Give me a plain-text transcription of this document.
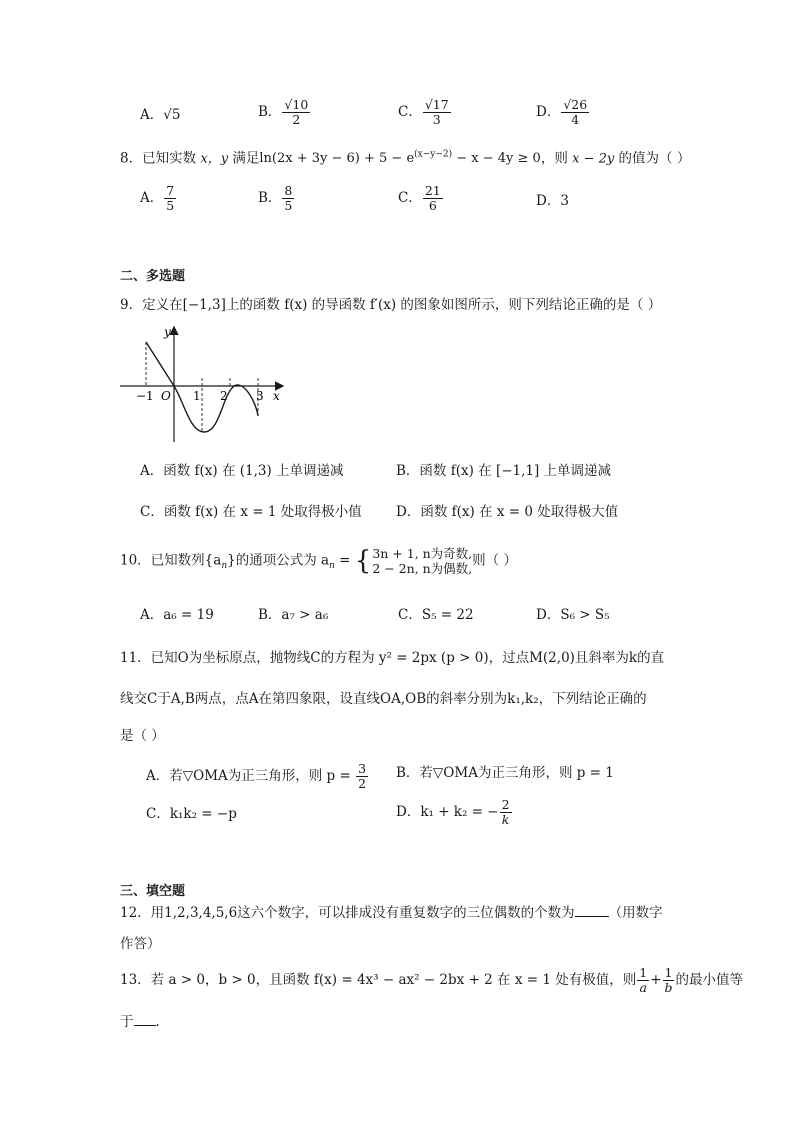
A．√5	B． $\frac{√10}{2}$	C． $\frac{√17}{3}$	D． $\frac{√26}{4}$
8．已知实数 x，y 满足$\ln(2x + 3y - 6) + 5 - e^{(x-y-2)} - x - 4y \ge 0$，则 x − 2y 的值为（ ）
A． $\frac{7}{5}$	B． $\frac{8}{5}$	C． $\frac{21}{6}$	D．3
二、多选题
9．定义在[−1,3]上的函数 f(x) 的导函数 f′(x) 的图象如图所示，则下列结论正确的是（ ）
y
x
O
−1	1 2 3
A．函数 f(x) 在 (1,3) 上单调递减	B．函数 f(x) 在 [−1,1] 上单调递减
C．函数 f(x) 在 x = 1 处取得极小值	D．函数 f(x) 在 x = 0 处取得极大值
10．已知数列$\{a_n\}$的通项公式为 $a_n$ = { 3n + 1, n为奇数,
2 − 2n, n为偶数, 则（ ）
A．a₆ = 19	B．a₇ > a₆	C．S₅ = 22	D．S₆ > S₅
11．已知O为坐标原点，抛物线C的方程为 y² = 2px (p > 0)，过点M(2,0)且斜率为k的直
线交C于A,B两点，点A在第四象限，设直线OA,OB的斜率分别为k₁,k₂，下列结论正确的
是（ ）
A．若▽OMA为正三角形，则 $p = \frac{3}{2}$ B．若▽OMA为正三角形，则 p = 1
C．k₁k₂ = −p	D．k₁ + k₂ = − $\frac{2}{k}$
三、填空题
12．用1,2,3,4,5,6这六个数字，可以排成没有重复数字的三位偶数的个数为	（用数字
作答）
13．若 a > 0，b > 0，且函数 f(x) = 4x³ − ax² − 2bx + 2 在 x = 1 处有极值，则 $\frac{1}{a} + \frac{1}{b}$ 的最小值等
于 .
